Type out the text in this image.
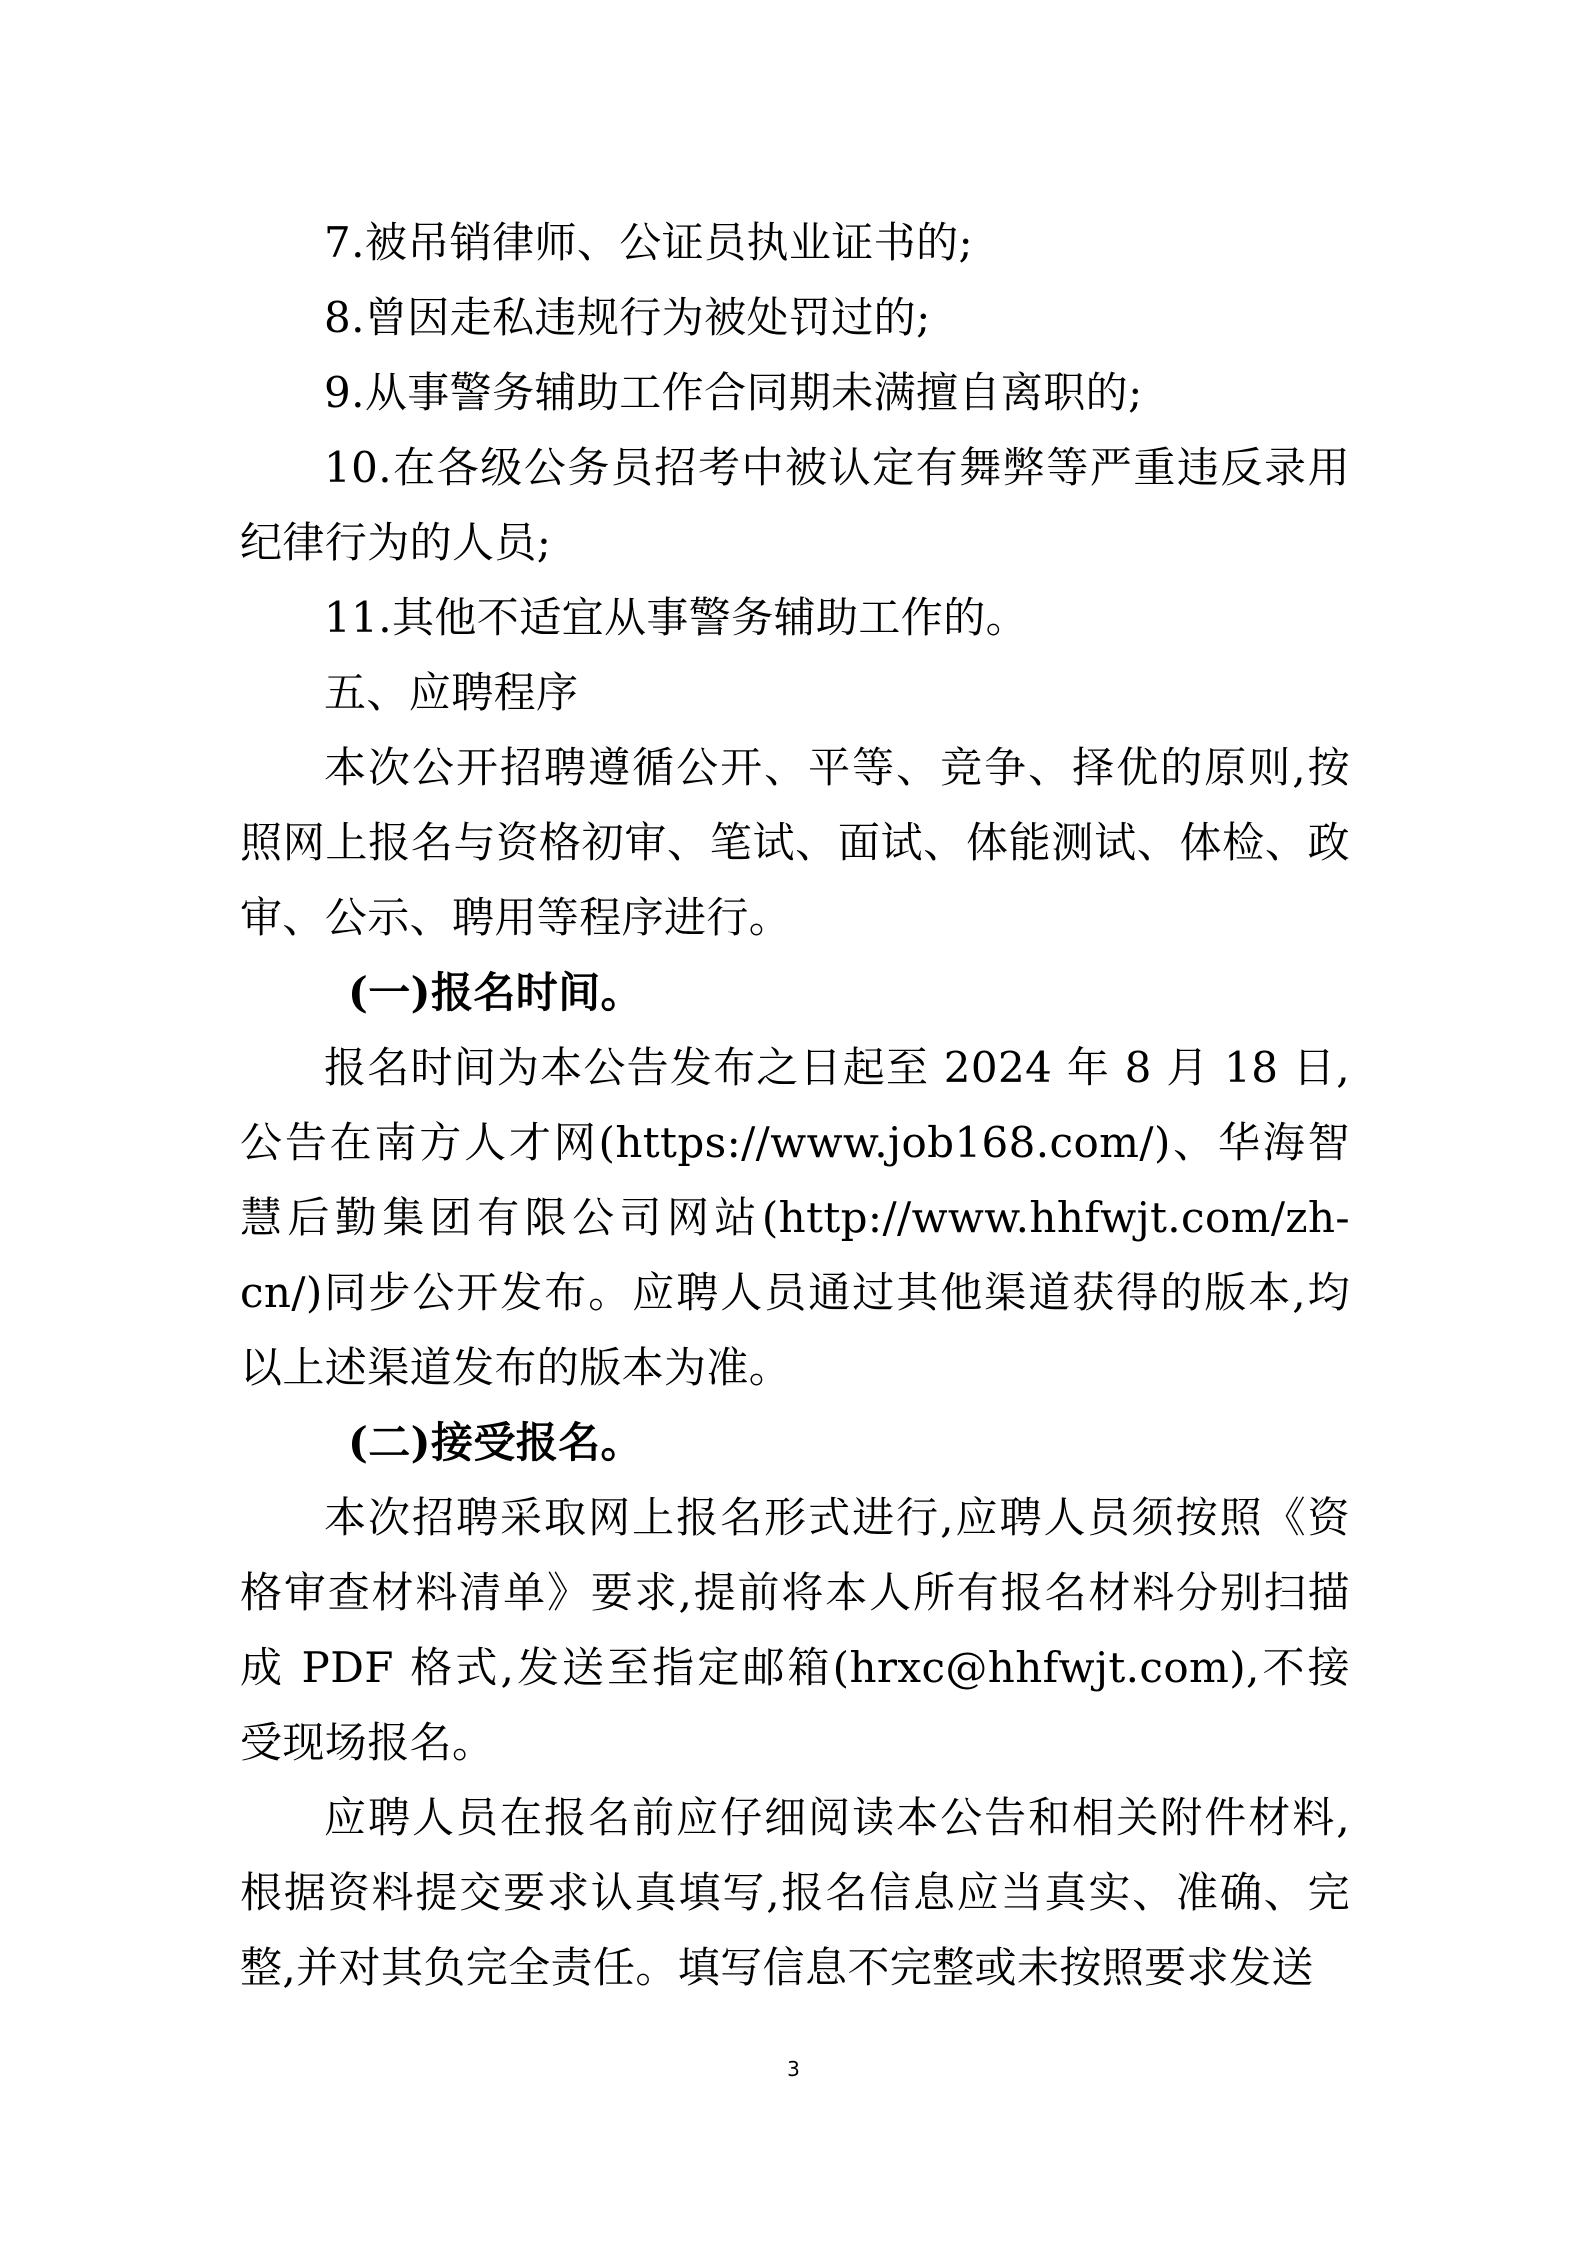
7.被吊销律师、公证员执业证书的;

8.曾因走私违规行为被处罚过的;

9.从事警务辅助工作合同期未满擅自离职的;

10.在各级公务员招考中被认定有舞弊等严重违反录用纪律行为的人员;

11.其他不适宜从事警务辅助工作的。

五、应聘程序

本次公开招聘遵循公开、平等、竞争、择优的原则,按照网上报名与资格初审、笔试、面试、体能测试、体检、政审、公示、聘用等程序进行。

(一)报名时间。

报名时间为本公告发布之日起至 2024 年 8 月 18 日,公告在南方人才网(https://www.job168.com/)、华海智慧后勤集团有限公司网站(http://www.hhfwjt.com/zh-cn/)同步公开发布。应聘人员通过其他渠道获得的版本,均以上述渠道发布的版本为准。

(二)接受报名。

本次招聘采取网上报名形式进行,应聘人员须按照《资格审查材料清单》要求,提前将本人所有报名材料分别扫描成 PDF 格式,发送至指定邮箱(hrxc@hhfwjt.com),不接受现场报名。

应聘人员在报名前应仔细阅读本公告和相关附件材料,根据资料提交要求认真填写,报名信息应当真实、准确、完整,并对其负完全责任。填写信息不完整或未按照要求发送

3
